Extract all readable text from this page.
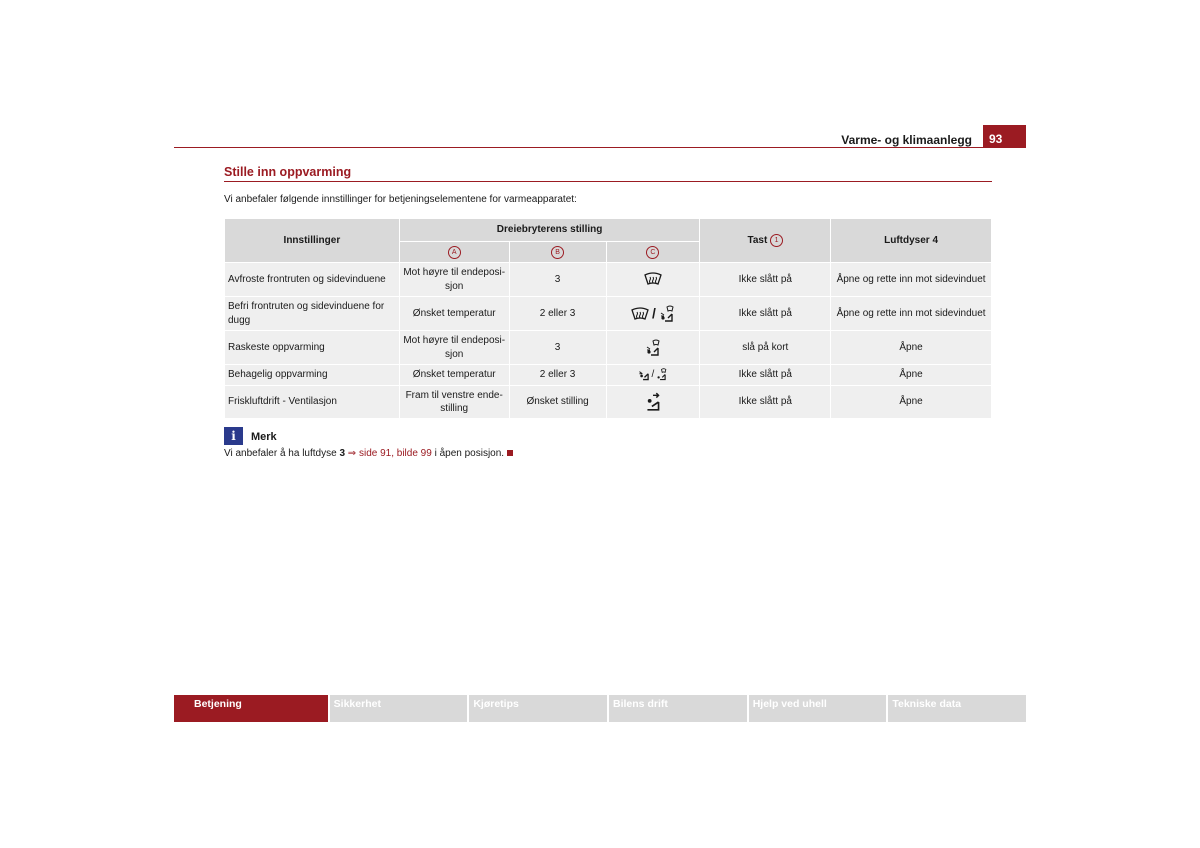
Varme- og klimaanlegg	93
Stille inn oppvarming
Vi anbefaler følgende innstillinger for betjeningselementene for varmeapparatet:
Innstillinger	Dreiebryterens stilling			Tast 1	Luftdyser 4
	A	B	C		
Avfroste frontruten og sidevinduene	Mot høyre til endeposi-sjon	3		Ikke slått på	Åpne og rette inn mot sidevinduet
Befri frontruten og sidevinduene for dugg	Ønsket temperatur	2 eller 3	/	Ikke slått på	Åpne og rette inn mot sidevinduet
Raskeste oppvarming	Mot høyre til endeposi-sjon	3		slå på kort	Åpne
Behagelig oppvarming	Ønsket temperatur	2 eller 3	/	Ikke slått på	Åpne
Friskluftdrift - Ventilasjon	Fram til venstre ende-stilling	Ønsket stilling		Ikke slått på	Åpne
i	Merk
Vi anbefaler å ha luftdyse 3 ⇒ side 91, bilde 99 i åpen posisjon.
Betjening	Sikkerhet	Kjøretips	Bilens drift	Hjelp ved uhell	Tekniske data
